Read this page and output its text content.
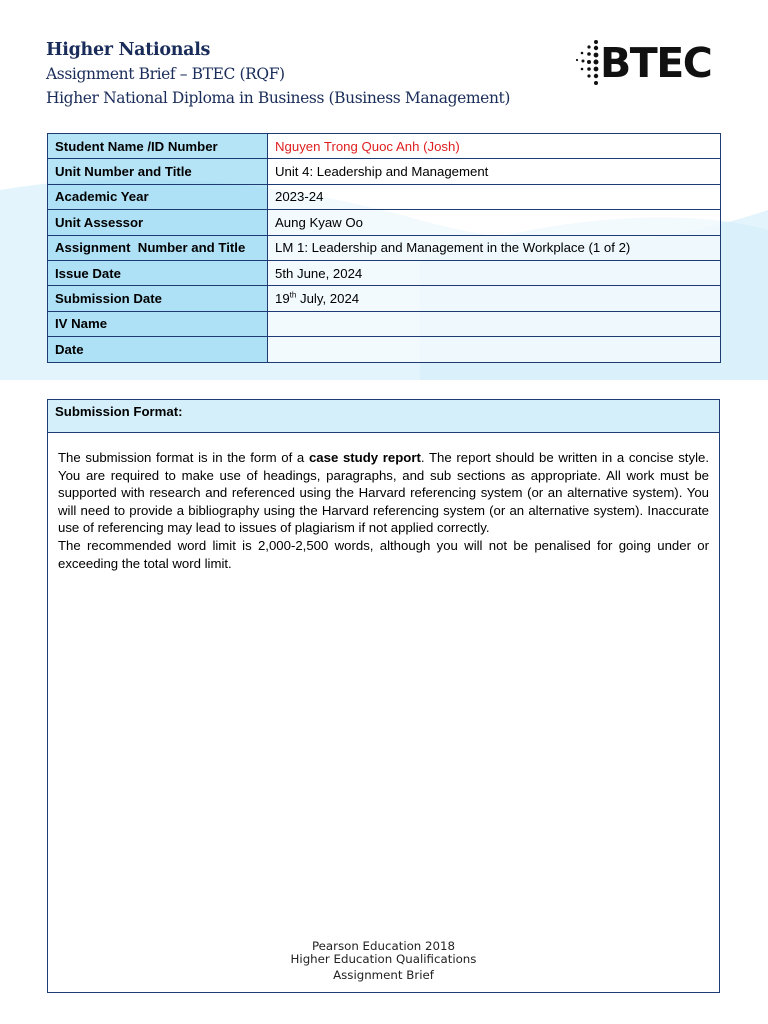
Higher Nationals
Assignment Brief – BTEC (RQF)
Higher National Diploma in Business (Business Management)
BTEC
Student Name /ID Number	Nguyen Trong Quoc Anh (Josh)
Unit Number and Title	Unit 4: Leadership and Management
Academic Year	2023-24
Unit Assessor	Aung Kyaw Oo
Assignment  Number and Title	LM 1: Leadership and Management in the Workplace (1 of 2)
Issue Date	5th June, 2024
Submission Date	19th July, 2024
IV Name	
Date	
Submission Format:

The submission format is in the form of a case study report. The report should be written in a concise style. You are required to make use of headings, paragraphs, and sub sections as appropriate. All work must be supported with research and referenced using the Harvard referencing system (or an alternative system). You will need to provide a bibliography using the Harvard referencing system (or an alternative system). Inaccurate use of referencing may lead to issues of plagiarism if not applied correctly.

The recommended word limit is 2,000-2,500 words, although you will not be penalised for going under or exceeding the total word limit.

Pearson Education 2018
Higher Education Qualifications
Assignment Brief
